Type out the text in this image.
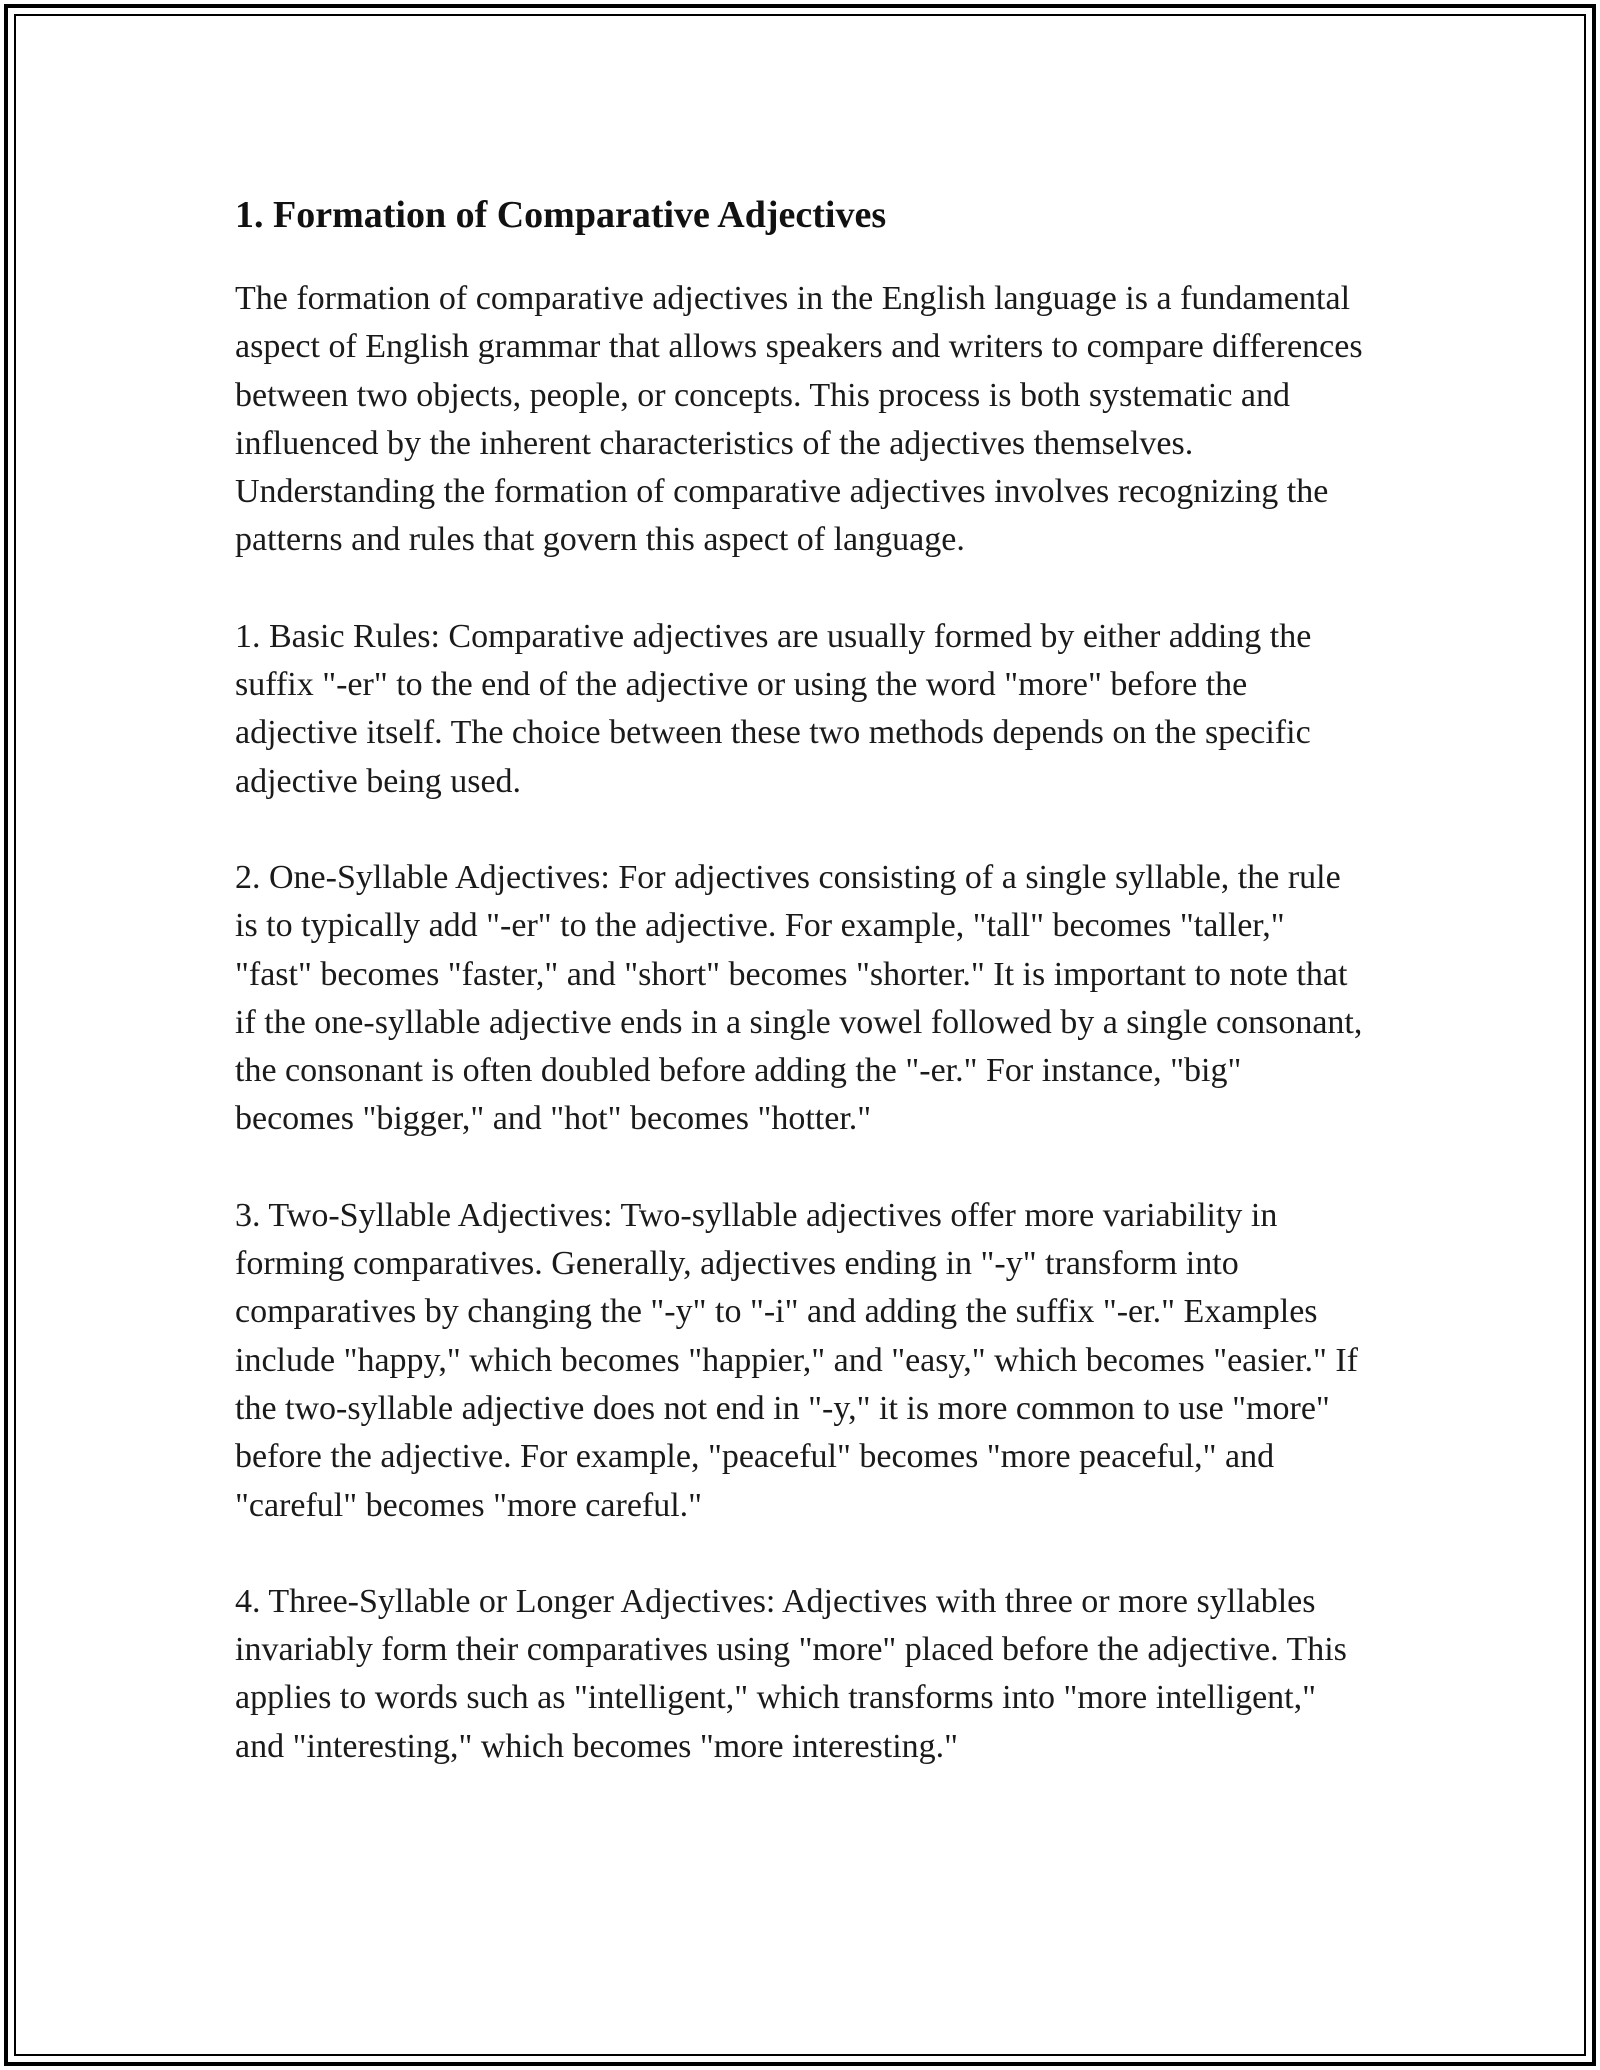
1. Formation of Comparative Adjectives

The formation of comparative adjectives in the English language is a fundamental aspect of English grammar that allows speakers and writers to compare differences between two objects, people, or concepts. This process is both systematic and influenced by the inherent characteristics of the adjectives themselves. Understanding the formation of comparative adjectives involves recognizing the patterns and rules that govern this aspect of language.

1. Basic Rules: Comparative adjectives are usually formed by either adding the suffix "-er" to the end of the adjective or using the word "more" before the adjective itself. The choice between these two methods depends on the specific adjective being used.

2. One-Syllable Adjectives: For adjectives consisting of a single syllable, the rule is to typically add "-er" to the adjective. For example, "tall" becomes "taller," "fast" becomes "faster," and "short" becomes "shorter." It is important to note that if the one-syllable adjective ends in a single vowel followed by a single consonant, the consonant is often doubled before adding the "-er." For instance, "big" becomes "bigger," and "hot" becomes "hotter."

3. Two-Syllable Adjectives: Two-syllable adjectives offer more variability in forming comparatives. Generally, adjectives ending in "-y" transform into comparatives by changing the "-y" to "-i" and adding the suffix "-er." Examples include "happy," which becomes "happier," and "easy," which becomes "easier." If the two-syllable adjective does not end in "-y," it is more common to use "more" before the adjective. For example, "peaceful" becomes "more peaceful," and "careful" becomes "more careful."

4. Three-Syllable or Longer Adjectives: Adjectives with three or more syllables invariably form their comparatives using "more" placed before the adjective. This applies to words such as "intelligent," which transforms into "more intelligent," and "interesting," which becomes "more interesting."
